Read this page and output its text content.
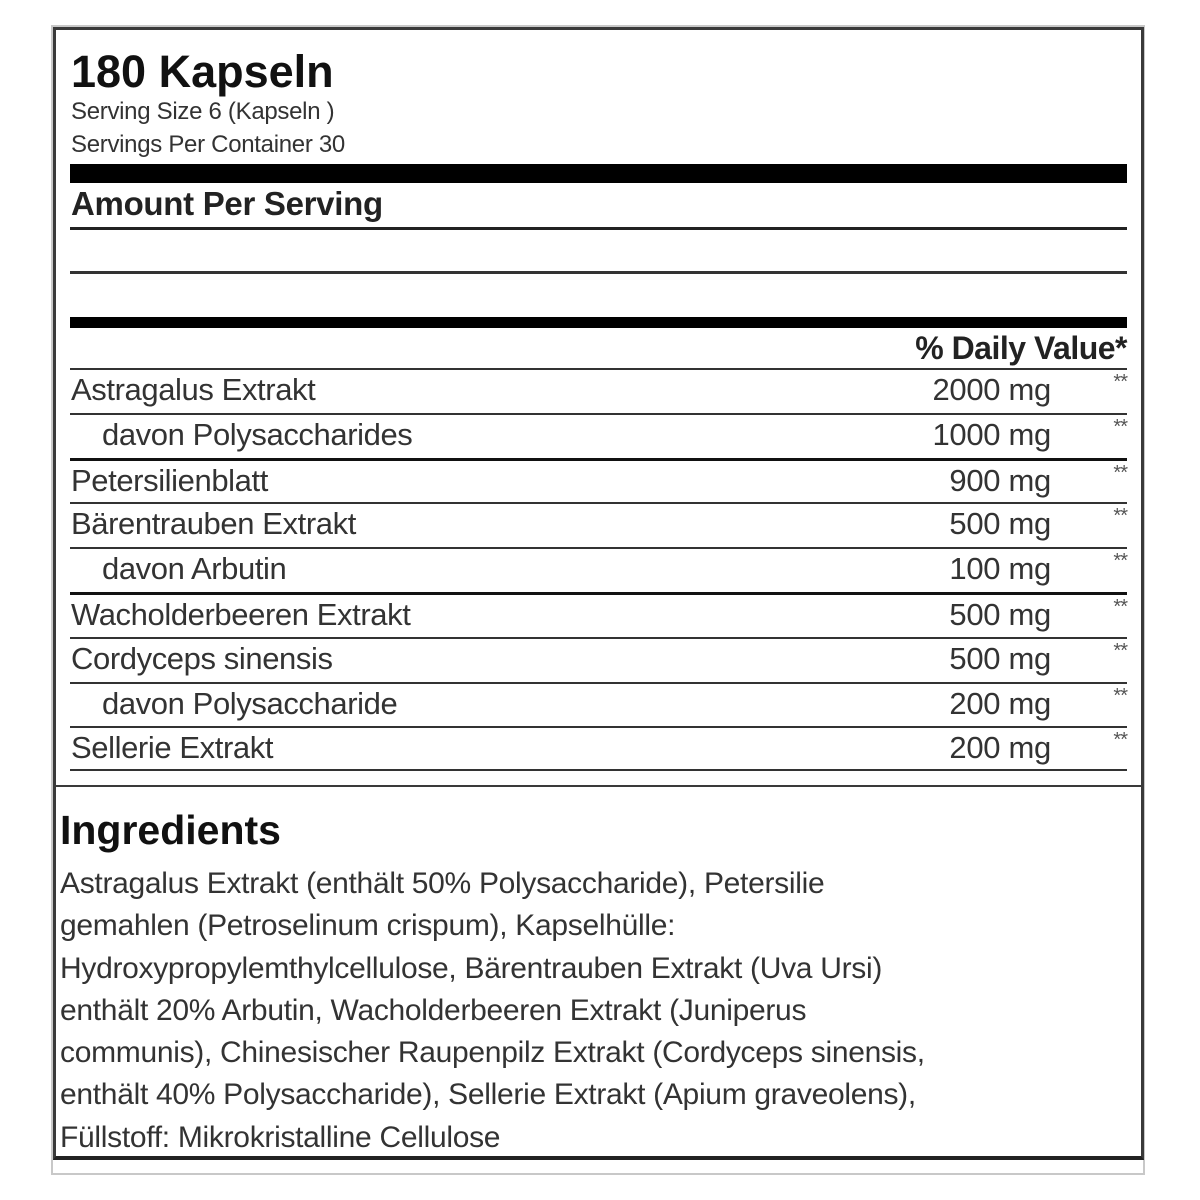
180 Kapseln
Serving Size 6 (Kapseln )
Servings Per Container 30
Amount Per Serving
% Daily Value*
Astragalus Extrakt	2000 mg	**
davon Polysaccharides	1000 mg	**
Petersilienblatt	900 mg	**
Bärentrauben Extrakt	500 mg	**
davon Arbutin	100 mg	**
Wacholderbeeren Extrakt	500 mg	**
Cordyceps sinensis	500 mg	**
davon Polysaccharide	200 mg	**
Sellerie Extrakt	200 mg	**
Ingredients
Astragalus Extrakt (enthält 50% Polysaccharide), Petersilie
gemahlen (Petroselinum crispum), Kapselhülle:
Hydroxypropylemthylcellulose, Bärentrauben Extrakt (Uva Ursi)
enthält 20% Arbutin, Wacholderbeeren Extrakt (Juniperus
communis), Chinesischer Raupenpilz Extrakt (Cordyceps sinensis,
enthält 40% Polysaccharide), Sellerie Extrakt (Apium graveolens),
Füllstoff: Mikrokristalline Cellulose
